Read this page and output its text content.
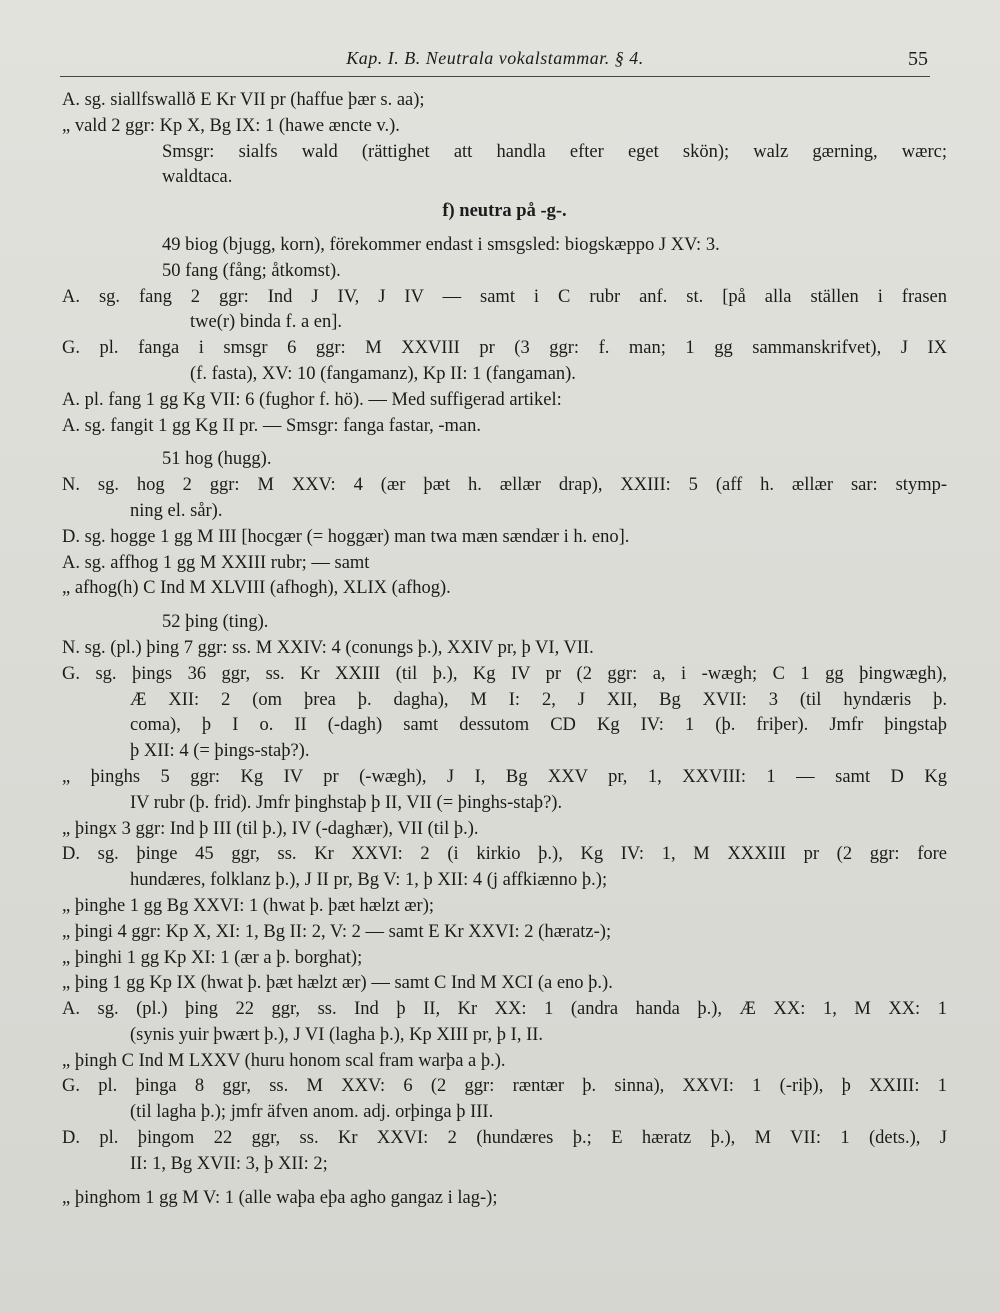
Kap. I. B. Neutrala vokalstammar. § 4.	55
A. sg. siallfswallð E Kr VII pr (haffue þær s. aa);
„ vald 2 ggr: Kp X, Bg IX: 1 (hawe æncte v.).
Smsgr: sialfs wald (rättighet att handla efter eget skön); walz gærning, wærc;
waldtaca.
f) neutra på -g-.
49 biog (bjugg, korn), förekommer endast i smsgsled: biogskæppo J XV: 3.
50 fang (fång; åtkomst).
A. sg. fang 2 ggr: Ind J IV, J IV — samt i C rubr anf. st. [på alla ställen i frasen
twe(r) binda f. a en].
G. pl. fanga i smsgr 6 ggr: M XXVIII pr (3 ggr: f. man; 1 gg sammanskrifvet), J IX
(f. fasta), XV: 10 (fangamanz), Kp II: 1 (fangaman).
A. pl. fang 1 gg Kg VII: 6 (fughor f. hö). — Med suffigerad artikel:
A. sg. fangit 1 gg Kg II pr. — Smsgr: fanga fastar, -man.
51 hog (hugg).
N. sg. hog 2 ggr: M XXV: 4 (ær þæt h. ællær drap), XXIII: 5 (aff h. ællær sar: stymp-
ning el. sår).
D. sg. hogge 1 gg M III [hocgær (= hoggær) man twa mæn sændær i h. eno].
A. sg. affhog 1 gg M XXIII rubr; — samt
„ afhog(h) C Ind M XLVIII (afhogh), XLIX (afhog).
52 þing (ting).
N. sg. (pl.) þing 7 ggr: ss. M XXIV: 4 (conungs þ.), XXIV pr, þ VI, VII.
G. sg. þings 36 ggr, ss. Kr XXIII (til þ.), Kg IV pr (2 ggr: a, i -wægh; C 1 gg þingwægh),
Æ XII: 2 (om þrea þ. dagha), M I: 2, J XII, Bg XVII: 3 (til hyndæris þ.
coma), þ I o. II (-dagh) samt dessutom CD Kg IV: 1 (þ. friþer). Jmfr þingstaþ
þ XII: 4 (= þings-staþ?).
„ þinghs 5 ggr: Kg IV pr (-wægh), J I, Bg XXV pr, 1, XXVIII: 1 — samt D Kg
IV rubr (þ. frid). Jmfr þinghstaþ þ II, VII (= þinghs-staþ?).
„ þingx 3 ggr: Ind þ III (til þ.), IV (-daghær), VII (til þ.).
D. sg. þinge 45 ggr, ss. Kr XXVI: 2 (i kirkio þ.), Kg IV: 1, M XXXIII pr (2 ggr: fore
hundæres, folklanz þ.), J II pr, Bg V: 1, þ XII: 4 (j affkiænno þ.);
„ þinghe 1 gg Bg XXVI: 1 (hwat þ. þæt hælzt ær);
„ þingi 4 ggr: Kp X, XI: 1, Bg II: 2, V: 2 — samt E Kr XXVI: 2 (hæratz-);
„ þinghi 1 gg Kp XI: 1 (ær a þ. borghat);
„ þing 1 gg Kp IX (hwat þ. þæt hælzt ær) — samt C Ind M XCI (a eno þ.).
A. sg. (pl.) þing 22 ggr, ss. Ind þ II, Kr XX: 1 (andra handa þ.), Æ XX: 1, M XX: 1
(synis yuir þwært þ.), J VI (lagha þ.), Kp XIII pr, þ I, II.
„ þingh C Ind M LXXV (huru honom scal fram warþa a þ.).
G. pl. þinga 8 ggr, ss. M XXV: 6 (2 ggr: ræntær þ. sinna), XXVI: 1 (-riþ), þ XXIII: 1
(til lagha þ.); jmfr äfven anom. adj. orþinga þ III.
D. pl. þingom 22 ggr, ss. Kr XXVI: 2 (hundæres þ.; E hæratz þ.), M VII: 1 (dets.), J
II: 1, Bg XVII: 3, þ XII: 2;
„ þinghom 1 gg M V: 1 (alle waþa eþa agho gangaz i lag-);
